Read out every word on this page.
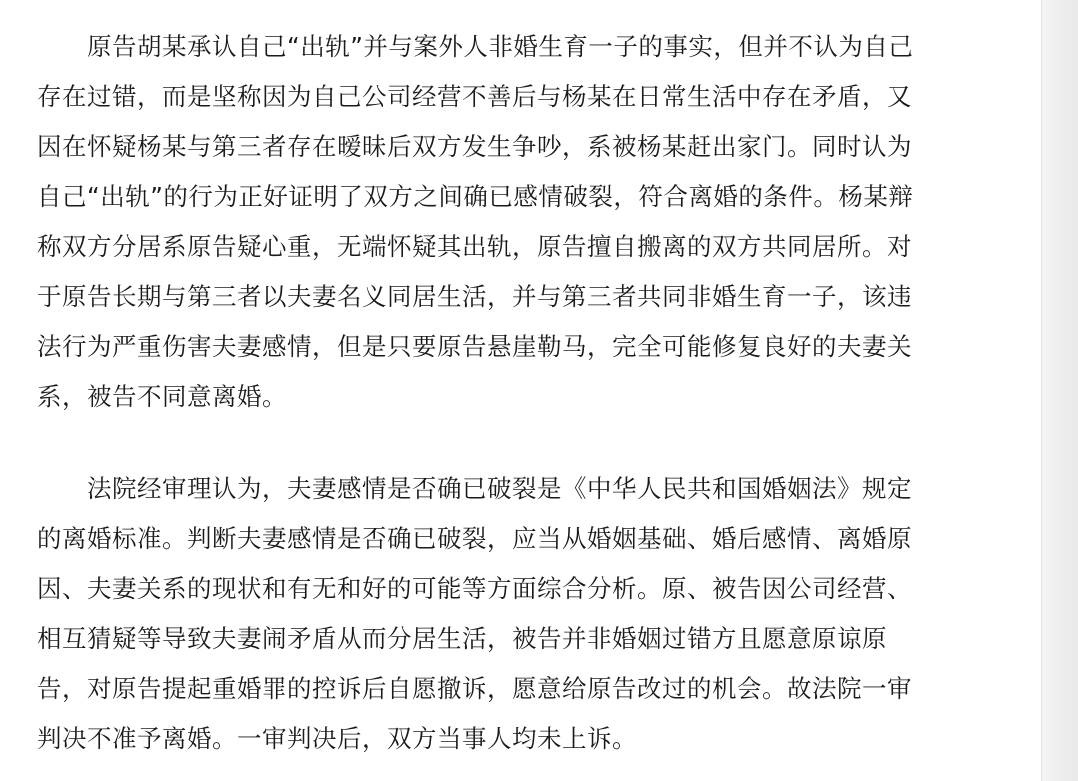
　　原告胡某承认自己“出轨”并与案外人非婚生育一子的事实，但并不认为自己
存在过错，而是坚称因为自己公司经营不善后与杨某在日常生活中存在矛盾，又
因在怀疑杨某与第三者存在暧昧后双方发生争吵，系被杨某赶出家门。同时认为
自己“出轨”的行为正好证明了双方之间确已感情破裂，符合离婚的条件。杨某辩
称双方分居系原告疑心重，无端怀疑其出轨，原告擅自搬离的双方共同居所。对
于原告长期与第三者以夫妻名义同居生活，并与第三者共同非婚生育一子，该违
法行为严重伤害夫妻感情，但是只要原告悬崖勒马，完全可能修复良好的夫妻关
系，被告不同意离婚。

　　法院经审理认为，夫妻感情是否确已破裂是《中华人民共和国婚姻法》规定
的离婚标准。判断夫妻感情是否确已破裂，应当从婚姻基础、婚后感情、离婚原
因、夫妻关系的现状和有无和好的可能等方面综合分析。原、被告因公司经营、
相互猜疑等导致夫妻闹矛盾从而分居生活，被告并非婚姻过错方且愿意原谅原
告，对原告提起重婚罪的控诉后自愿撤诉，愿意给原告改过的机会。故法院一审
判决不准予离婚。一审判决后，双方当事人均未上诉。
